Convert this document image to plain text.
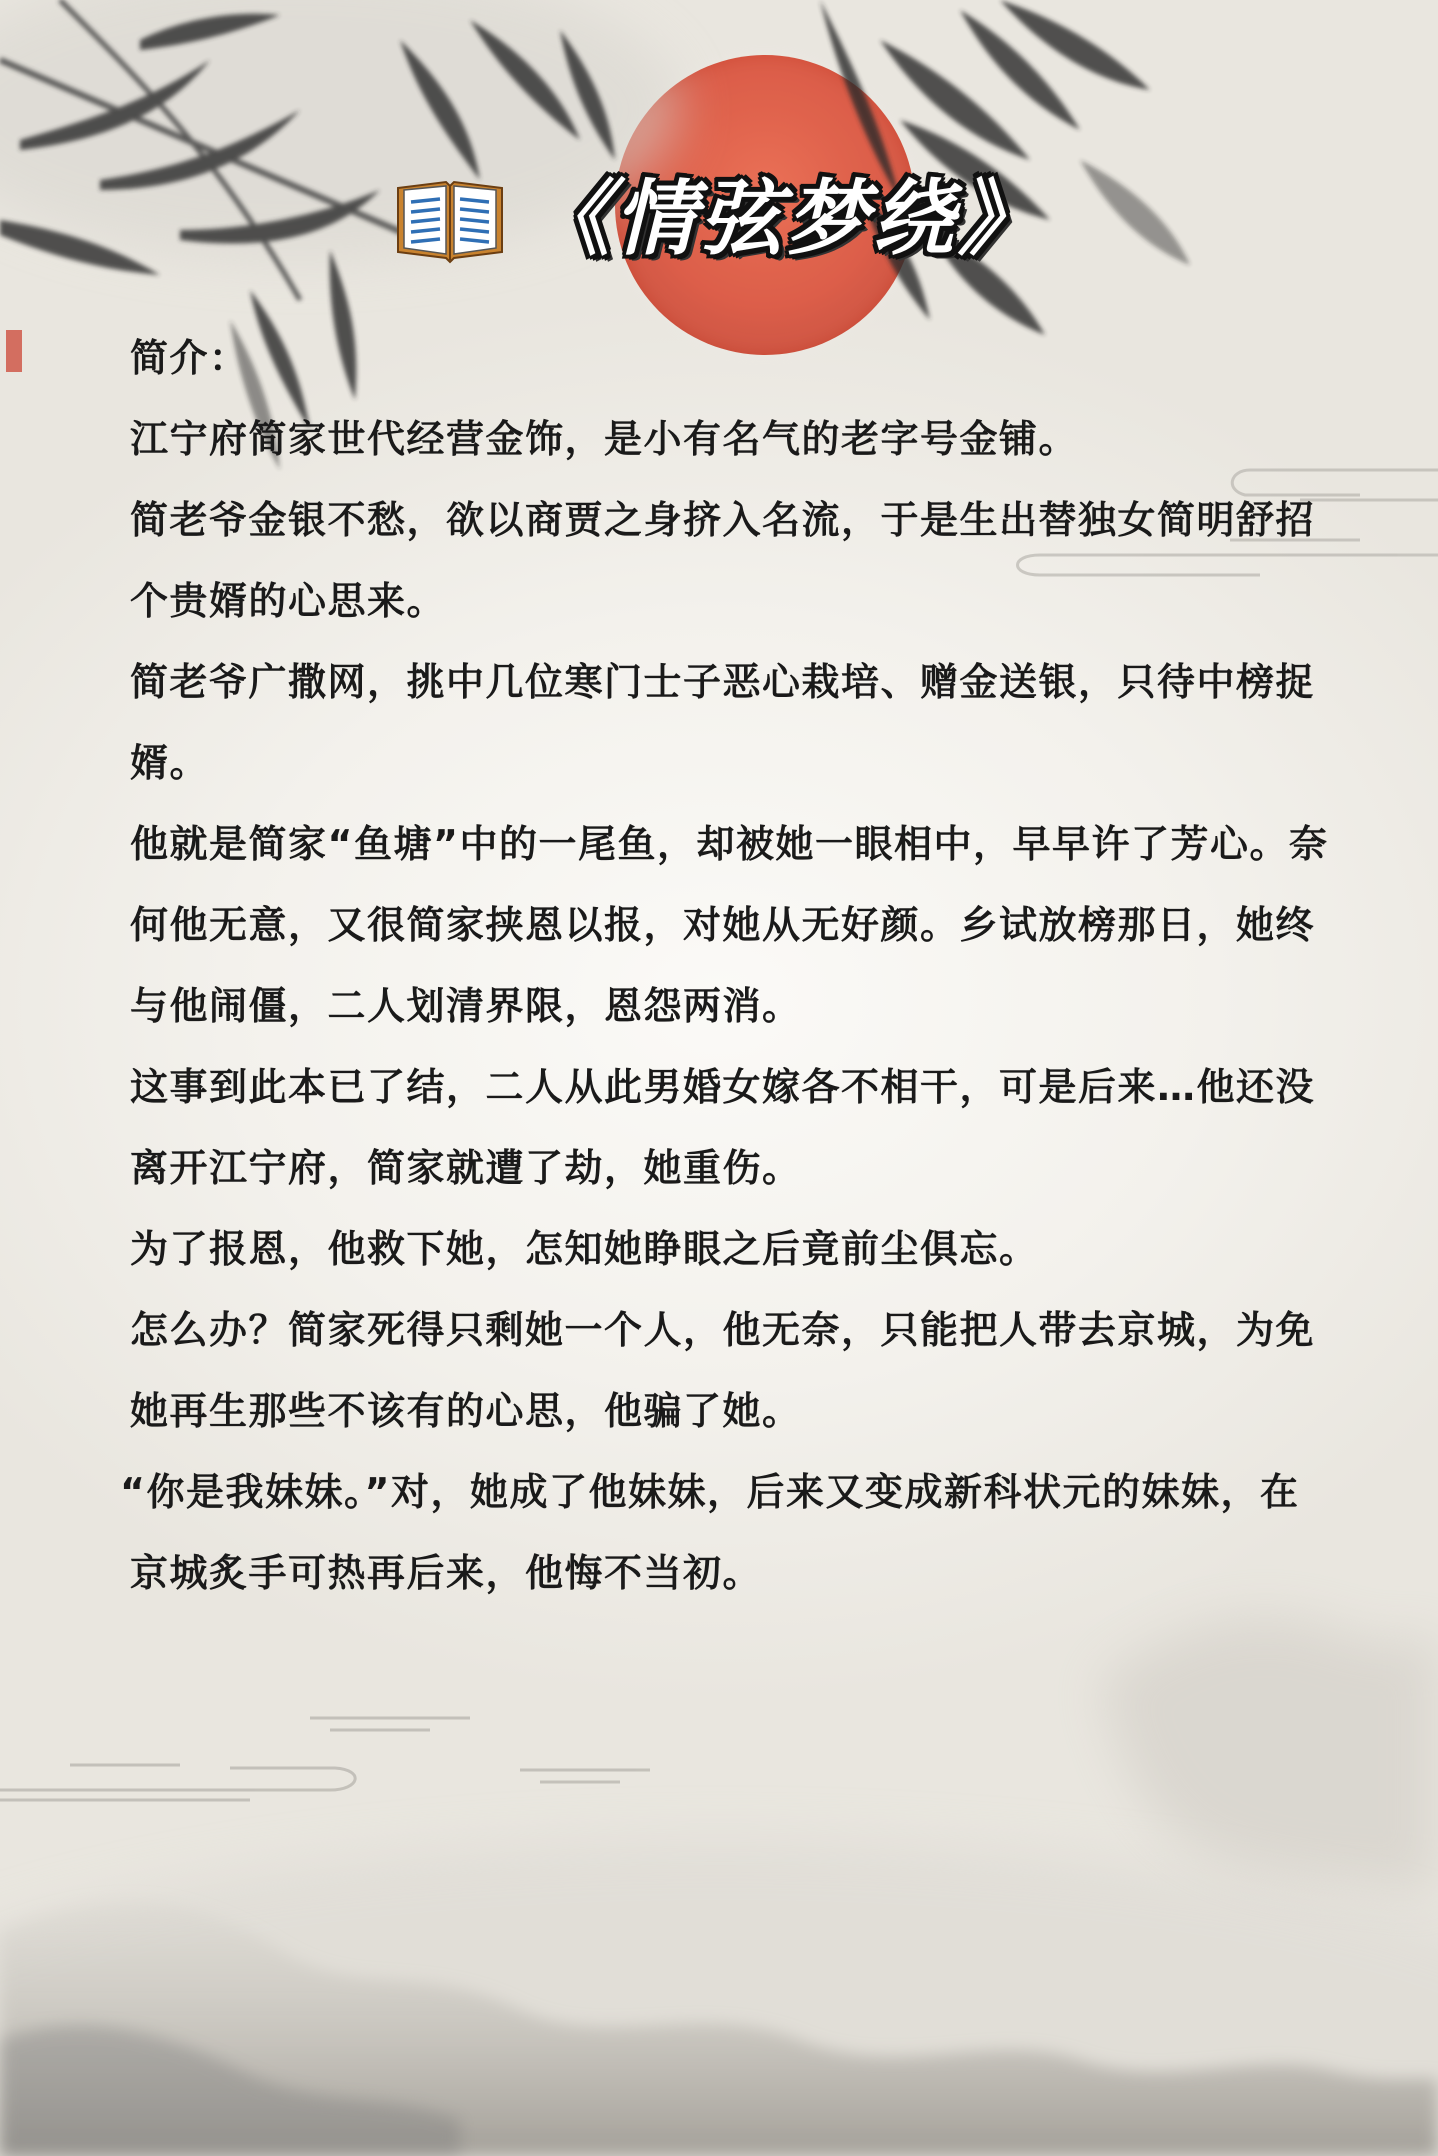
《情弦梦绕》

简介：

江宁府简家世代经营金饰，是小有名气的老字号金铺。

简老爷金银不愁，欲以商贾之身挤入名流，于是生出替独女简明舒招个贵婿的心思来。

简老爷广撒网，挑中几位寒门士子恶心栽培、赠金送银，只待中榜捉婿。

他就是简家“鱼塘”中的一尾鱼，却被她一眼相中，早早许了芳心。奈何他无意，又很简家挟恩以报，对她从无好颜。乡试放榜那日，她终与他闹僵，二人划清界限，恩怨两消。

这事到此本已了结，二人从此男婚女嫁各不相干，可是后来…他还没离开江宁府，简家就遭了劫，她重伤。

为了报恩，他救下她，怎知她睁眼之后竟前尘俱忘。

怎么办？简家死得只剩她一个人，他无奈，只能把人带去京城，为免她再生那些不该有的心思，他骗了她。

“你是我妹妹。”对，她成了他妹妹，后来又变成新科状元的妹妹，在京城炙手可热再后来，他悔不当初。
